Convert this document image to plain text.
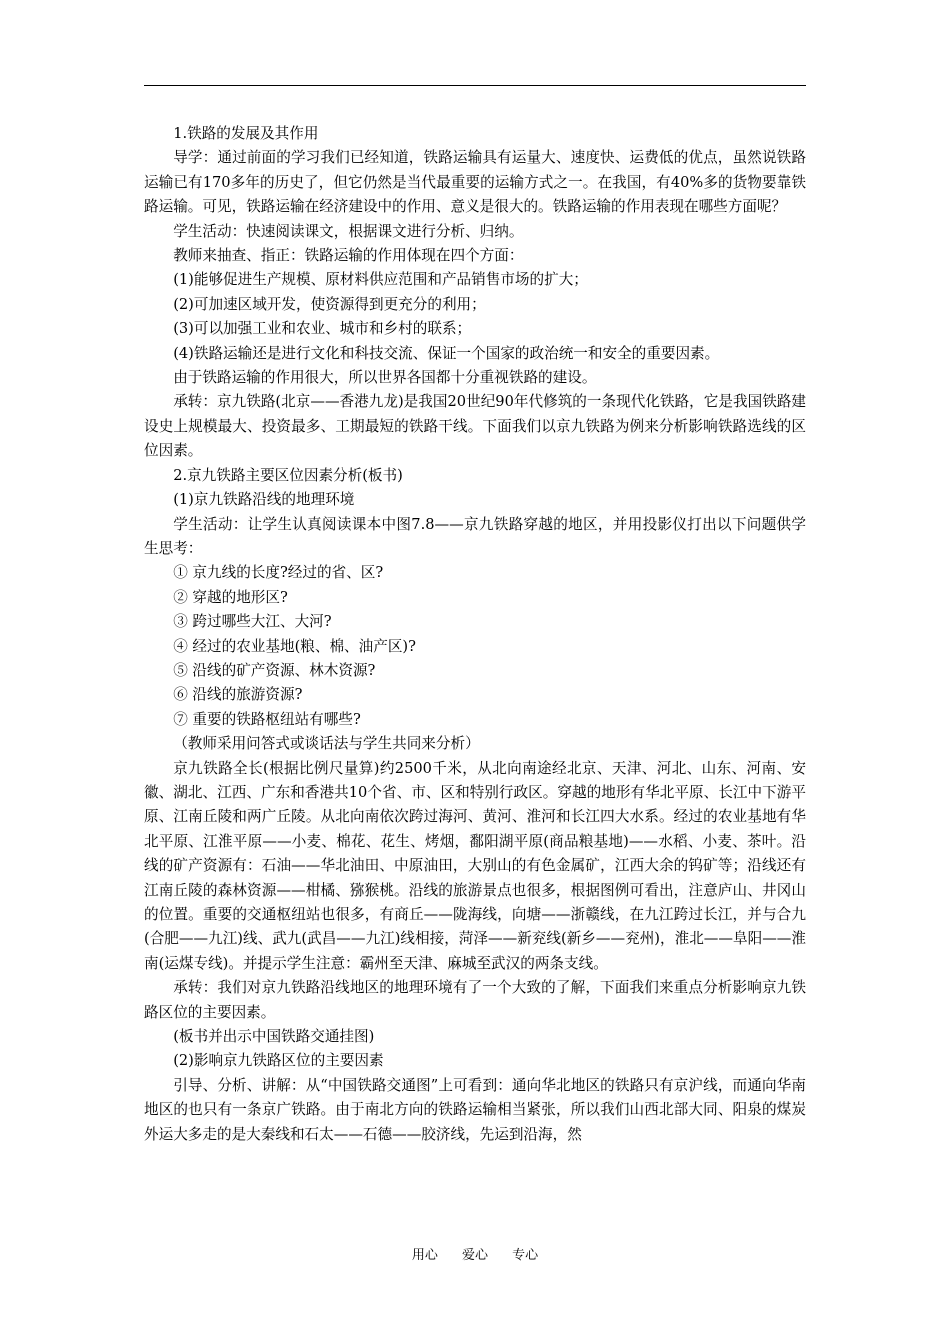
1.铁路的发展及其作用

导学：通过前面的学习我们已经知道，铁路运输具有运量大、速度快、运费低的优点，虽然说铁路运输已有170多年的历史了，但它仍然是当代最重要的运输方式之一。在我国，有40%多的货物要靠铁路运输。可见，铁路运输在经济建设中的作用、意义是很大的。铁路运输的作用表现在哪些方面呢？

学生活动：快速阅读课文，根据课文进行分析、归纳。

教师来抽查、指正：铁路运输的作用体现在四个方面：

(1)能够促进生产规模、原材料供应范围和产品销售市场的扩大；

(2)可加速区域开发，使资源得到更充分的利用；

(3)可以加强工业和农业、城市和乡村的联系；

(4)铁路运输还是进行文化和科技交流、保证一个国家的政治统一和安全的重要因素。

由于铁路运输的作用很大，所以世界各国都十分重视铁路的建设。

承转：京九铁路(北京——香港九龙)是我国20世纪90年代修筑的一条现代化铁路，它是我国铁路建设史上规模最大、投资最多、工期最短的铁路干线。下面我们以京九铁路为例来分析影响铁路选线的区位因素。

2.京九铁路主要区位因素分析(板书)

(1)京九铁路沿线的地理环境

学生活动：让学生认真阅读课本中图7.8——京九铁路穿越的地区，并用投影仪打出以下问题供学生思考：

① 京九线的长度?经过的省、区?

② 穿越的地形区?

③ 跨过哪些大江、大河?

④ 经过的农业基地(粮、棉、油产区)?

⑤ 沿线的矿产资源、林木资源?

⑥ 沿线的旅游资源?

⑦ 重要的铁路枢纽站有哪些?

（教师采用问答式或谈话法与学生共同来分析）

京九铁路全长(根据比例尺量算)约2500千米，从北向南途经北京、天津、河北、山东、河南、安徽、湖北、江西、广东和香港共10个省、市、区和特别行政区。穿越的地形有华北平原、长江中下游平原、江南丘陵和两广丘陵。从北向南依次跨过海河、黄河、淮河和长江四大水系。经过的农业基地有华北平原、江淮平原——小麦、棉花、花生、烤烟，鄱阳湖平原(商品粮基地)——水稻、小麦、茶叶。沿线的矿产资源有：石油——华北油田、中原油田，大别山的有色金属矿，江西大余的钨矿等；沿线还有江南丘陵的森林资源——柑橘、猕猴桃。沿线的旅游景点也很多，根据图例可看出，注意庐山、井冈山的位置。重要的交通枢纽站也很多，有商丘——陇海线，向塘——浙赣线，在九江跨过长江，并与合九(合肥——九江)线、武九(武昌——九江)线相接，菏泽——新兖线(新乡——兖州)，淮北——阜阳——淮南(运煤专线)。并提示学生注意：霸州至天津、麻城至武汉的两条支线。

承转：我们对京九铁路沿线地区的地理环境有了一个大致的了解，下面我们来重点分析影响京九铁路区位的主要因素。

(板书并出示中国铁路交通挂图)

(2)影响京九铁路区位的主要因素

引导、分析、讲解：从“中国铁路交通图”上可看到：通向华北地区的铁路只有京沪线，而通向华南地区的也只有一条京广铁路。由于南北方向的铁路运输相当紧张，所以我们山西北部大同、阳泉的煤炭外运大多走的是大秦线和石太——石德——胶济线，先运到沿海，然

用心 爱心 专心
